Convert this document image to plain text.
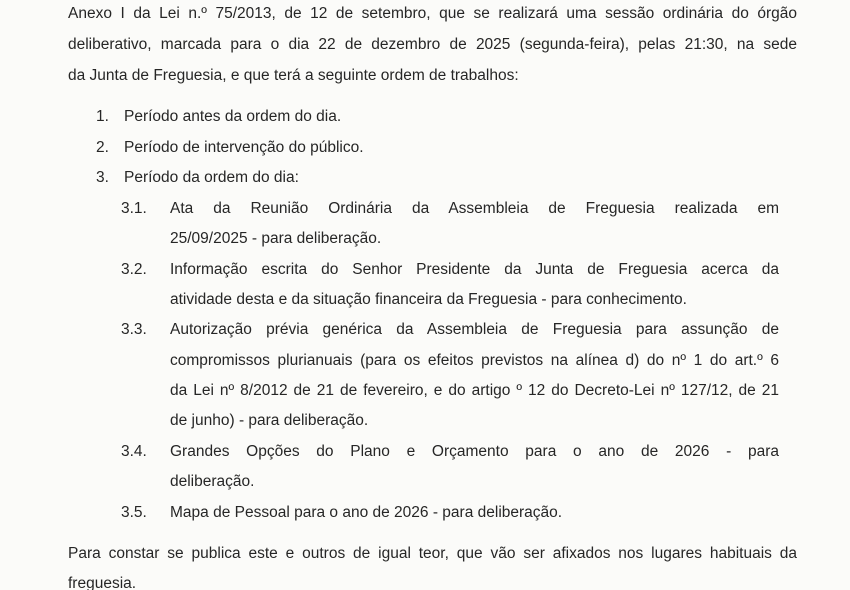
Anexo I da Lei n.º 75/2013, de 12 de setembro, que se realizará uma sessão ordinária do órgão

deliberativo, marcada para o dia 22 de dezembro de 2025 (segunda-feira), pelas 21:30, na sede

da Junta de Freguesia, e que terá a seguinte ordem de trabalhos:

1. Período antes da ordem do dia.
2. Período de intervenção do público.
3. Período da ordem do dia:
3.1. Ata da Reunião Ordinária da Assembleia de Freguesia realizada em

25/09/2025 - para deliberação.

3.2. Informação escrita do Senhor Presidente da Junta de Freguesia acerca da

atividade desta e da situação financeira da Freguesia - para conhecimento.

3.3. Autorização prévia genérica da Assembleia de Freguesia para assunção de

compromissos plurianuais (para os efeitos previstos na alínea d) do nº 1 do art.º 6

da Lei nº 8/2012 de 21 de fevereiro, e do artigo º 12 do Decreto-Lei nº 127/12, de 21

de junho) - para deliberação.

3.4. Grandes Opções do Plano e Orçamento para o ano de 2026 - para

deliberação.

3.5. Mapa de Pessoal para o ano de 2026 - para deliberação.

Para constar se publica este e outros de igual teor, que vão ser afixados nos lugares habituais da

freguesia.
